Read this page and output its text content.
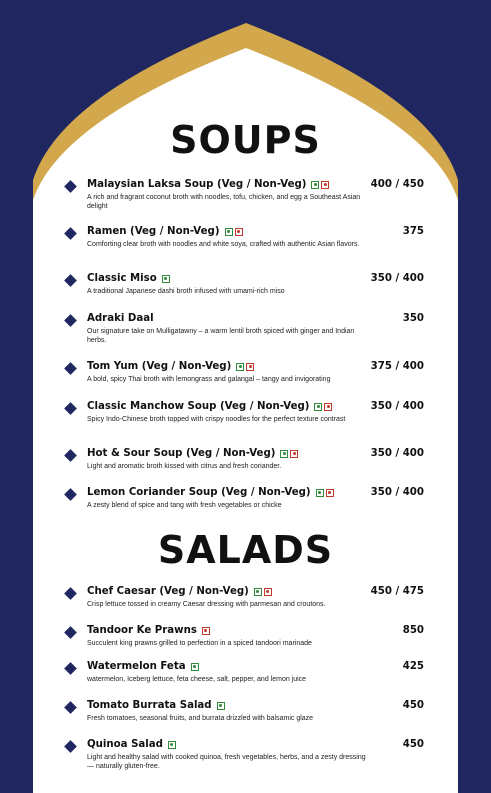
SOUPS
Malaysian Laksa Soup (Veg / Non-Veg)	400 / 450
A rich and fragrant coconut broth with noodles, tofu, chicken, and egg a Southeast Asian delight
Ramen (Veg / Non-Veg)	375
Comforting clear broth with noodles and white soya, crafted with authentic Asian flavors.
Classic Miso	350 / 400
A traditional Japanese dashi broth infused with umami-rich miso
Adraki Daal	350
Our signature take on Mulligatawny – a warm lentil broth spiced with ginger and Indian herbs.
Tom Yum (Veg / Non-Veg)	375 / 400
A bold, spicy Thai broth with lemongrass and galangal – tangy and invigorating
Classic Manchow Soup (Veg / Non-Veg)	350 / 400
Spicy Indo-Chinese broth topped with crispy noodles for the perfect texture contrast
Hot & Sour Soup (Veg / Non-Veg)	350 / 400
Light and aromatic broth kissed with citrus and fresh coriander.
Lemon Coriander Soup (Veg / Non-Veg)	350 / 400
A zesty blend of spice and tang with fresh vegetables or chicke
SALADS
Chef Caesar (Veg / Non-Veg)	450 / 475
Crisp lettuce tossed in creamy Caesar dressing with parmesan and croutons.
Tandoor Ke Prawns	850
Succulent king prawns grilled to perfection in a spiced tandoori marinade
Watermelon Feta	425
watermelon, Iceberg lettuce, feta cheese, salt, pepper, and lemon juice
Tomato Burrata Salad	450
Fresh tomatoes, seasonal fruits, and burrata drizzled with balsamic glaze
Quinoa Salad	450
Light and healthy salad with cooked quinoa, fresh vegetables, herbs, and a zesty dressing — naturally gluten-free.
